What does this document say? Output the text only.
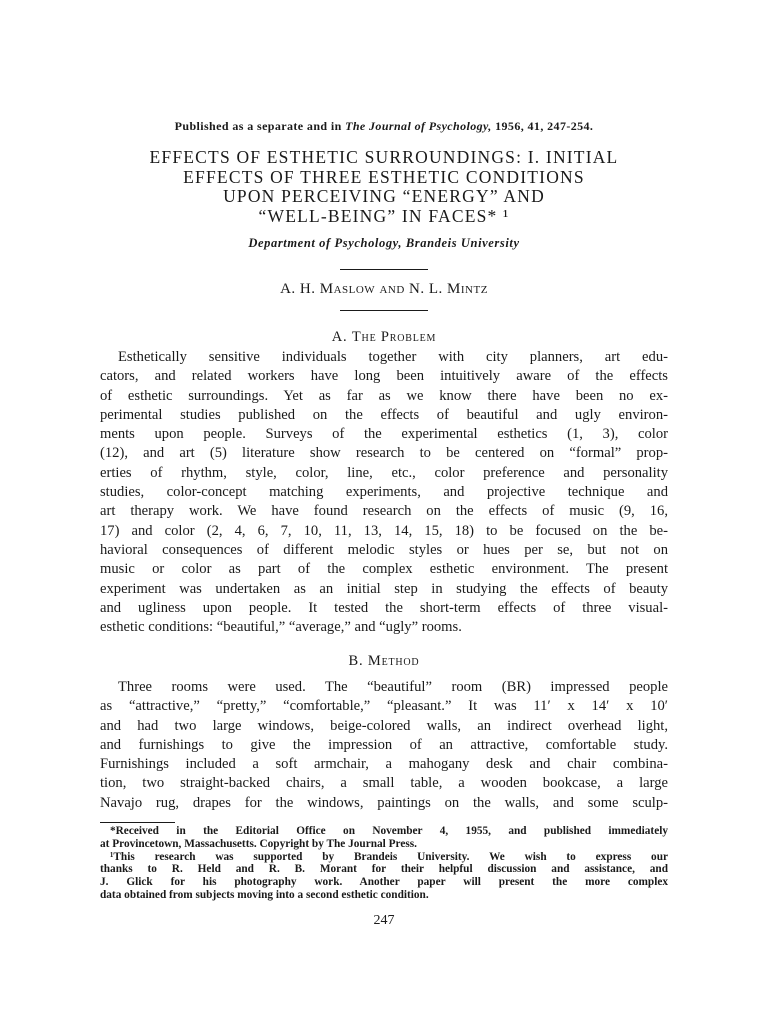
Published as a separate and in The Journal of Psychology, 1956, 41, 247-254.
EFFECTS OF ESTHETIC SURROUNDINGS: I. INITIAL
EFFECTS OF THREE ESTHETIC CONDITIONS
UPON PERCEIVING “ENERGY” AND
“WELL-BEING” IN FACES* ¹
Department of Psychology, Brandeis University
A. H. Maslow and N. L. Mintz
A. The Problem
Esthetically sensitive individuals together with city planners, art edu-
cators, and related workers have long been intuitively aware of the effects
of esthetic surroundings. Yet as far as we know there have been no ex-
perimental studies published on the effects of beautiful and ugly environ-
ments upon people. Surveys of the experimental esthetics (1, 3), color
(12), and art (5) literature show research to be centered on “formal” prop-
erties of rhythm, style, color, line, etc., color preference and personality
studies, color-concept matching experiments, and projective technique and
art therapy work. We have found research on the effects of music (9, 16,
17) and color (2, 4, 6, 7, 10, 11, 13, 14, 15, 18) to be focused on the be-
havioral consequences of different melodic styles or hues per se, but not on
music or color as part of the complex esthetic environment. The present
experiment was undertaken as an initial step in studying the effects of beauty
and ugliness upon people. It tested the short-term effects of three visual-
esthetic conditions: “beautiful,” “average,” and “ugly” rooms.
B. Method
Three rooms were used. The “beautiful” room (BR) impressed people
as “attractive,” “pretty,” “comfortable,” “pleasant.” It was 11′ x 14′ x 10′
and had two large windows, beige-colored walls, an indirect overhead light,
and furnishings to give the impression of an attractive, comfortable study.
Furnishings included a soft armchair, a mahogany desk and chair combina-
tion, two straight-backed chairs, a small table, a wooden bookcase, a large
Navajo rug, drapes for the windows, paintings on the walls, and some sculp-
*Received in the Editorial Office on November 4, 1955, and published immediately
at Provincetown, Massachusetts. Copyright by The Journal Press.
¹This research was supported by Brandeis University. We wish to express our
thanks to R. Held and R. B. Morant for their helpful discussion and assistance, and
J. Glick for his photography work. Another paper will present the more complex
data obtained from subjects moving into a second esthetic condition.
247
